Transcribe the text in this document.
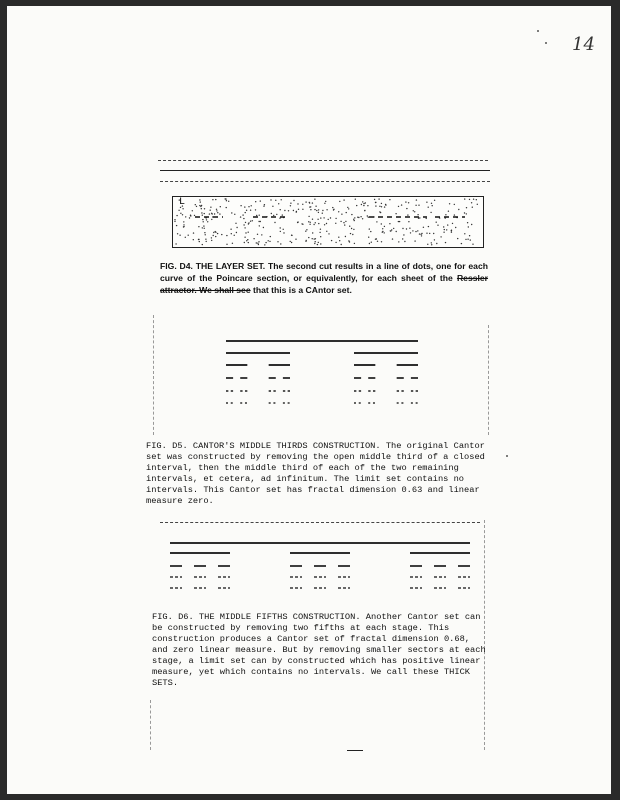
14
L
FIG. D4. THE LAYER SET. The second cut results in a line of dots, one for each curve of the Poincare section, or equivalently, for each sheet of the Ressler attractor. We shall see that this is a CAntor set.
FIG. D5. CANTOR'S MIDDLE THIRDS CONSTRUCTION. The original Cantor set was constructed by removing the open middle third of a closed interval, then the middle third of each of the two remaining intervals, et cetera, ad infinitum. The limit set contains no intervals. This Cantor set has fractal dimension 0.63 and linear measure zero.
FIG. D6. THE MIDDLE FIFTHS CONSTRUCTION. Another Cantor set can be constructed by removing two fifths at each stage. This construction produces a Cantor set of fractal dimension 0.68, and zero linear measure. But by removing smaller sectors at each stage, a limit set can by constructed which has positive linear measure, yet which contains no intervals. We call these THICK SETS.
